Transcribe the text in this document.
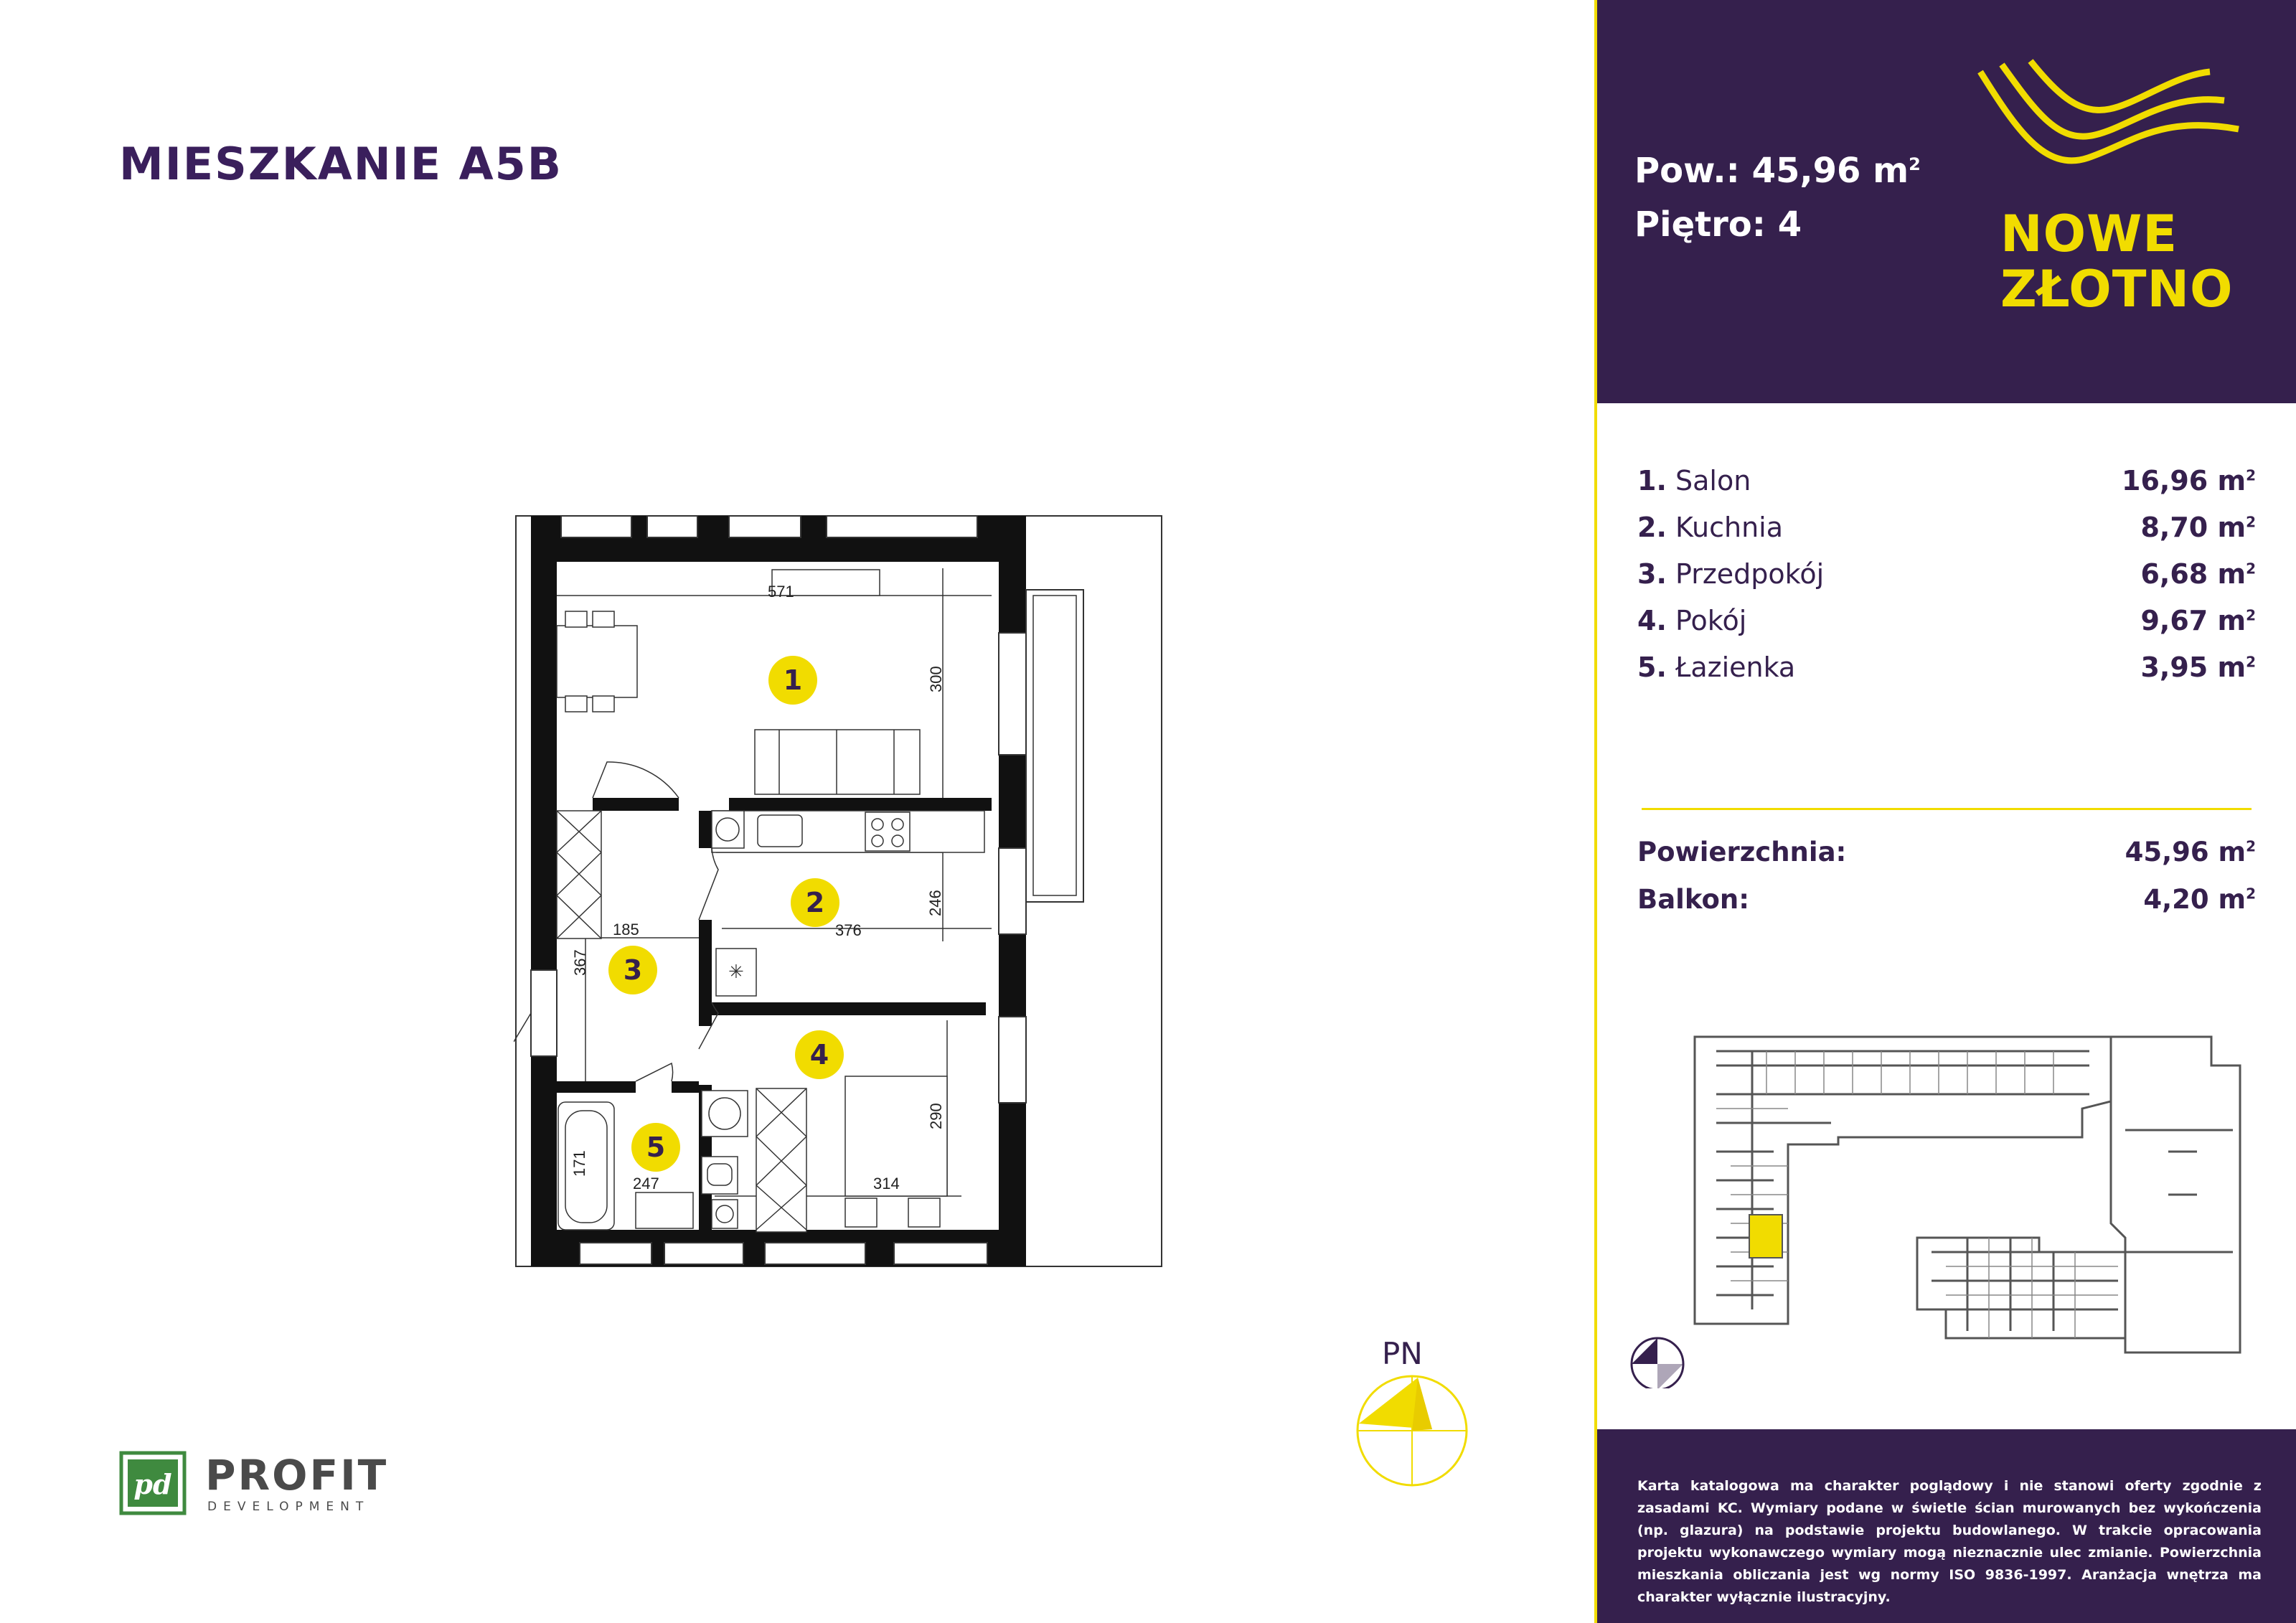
MIESZKANIE A5B	Pow.: 45,96 $m^2$
Piętro: 4	NOWE
ZŁOTNO
1. Salon	16,96 $m^2$
2. Kuchnia	8,70 $m^2$
3. Przedpokój	6,68 $m^2$
4. Pokój	9,67 $m^2$
5. Łazienka	3,95 $m^2$
Powierzchnia:	45,96 $m^2$
Balkon:	4,20 $m^2$
Karta katalogowa ma charakter poglądowy i nie stanowi oferty zgodnie z zasadami KC. Wymiary podane w świetle ścian murowanych bez wykończenia (np. glazura) na podstawie projektu budowlanego. W trakcie opracowania projektu wykonawczego wymiary mogą nieznacznie ulec zmianie. Powierzchnia mieszkania obliczania jest wg normy ISO 9836-1997. Aranżacja wnętrza ma charakter wyłącznie ilustracyjny.
✳
571
300
185	376
246
367
290
314
171
247
1
2
3
4
5
PN
pd PROFIT
DEVELOPMENT
